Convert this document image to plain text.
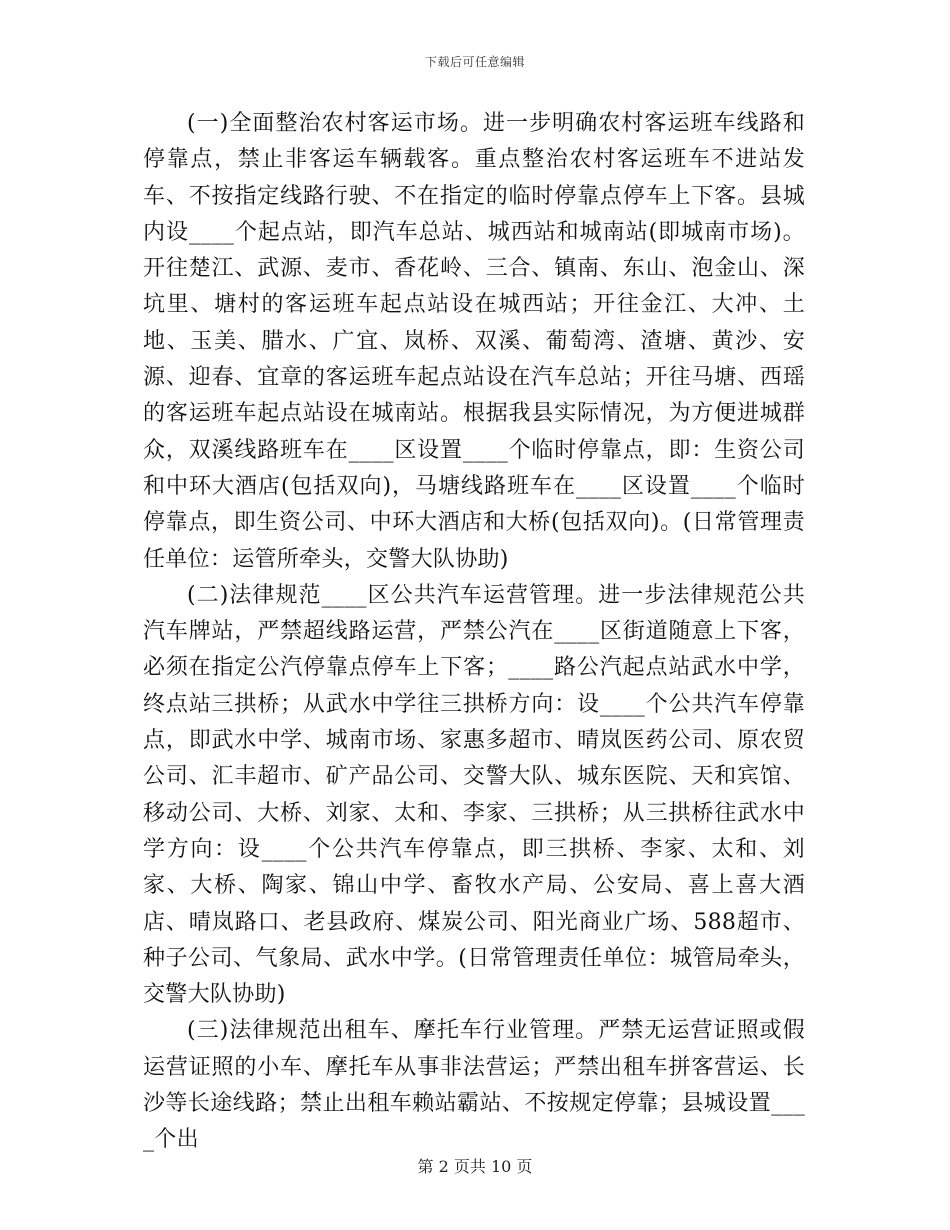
下载后可任意编辑

(一)全面整治农村客运市场。进一步明确农村客运班车线路和停靠点，禁止非客运车辆载客。重点整治农村客运班车不进站发车、不按指定线路行驶、不在指定的临时停靠点停车上下客。县城内设____个起点站，即汽车总站、城西站和城南站(即城南市场)。开往楚江、武源、麦市、香花岭、三合、镇南、东山、泡金山、深坑里、塘村的客运班车起点站设在城西站；开往金江、大冲、土地、玉美、腊水、广宜、岚桥、双溪、葡萄湾、渣塘、黄沙、安源、迎春、宜章的客运班车起点站设在汽车总站；开往马塘、西瑶的客运班车起点站设在城南站。根据我县实际情况，为方便进城群众，双溪线路班车在____区设置____个临时停靠点，即：生资公司和中环大酒店(包括双向)，马塘线路班车在____区设置____个临时停靠点，即生资公司、中环大酒店和大桥(包括双向)。(日常管理责任单位：运管所牵头，交警大队协助)

(二)法律规范____区公共汽车运营管理。进一步法律规范公共汽车牌站，严禁超线路运营，严禁公汽在____区街道随意上下客，必须在指定公汽停靠点停车上下客；____路公汽起点站武水中学，终点站三拱桥；从武水中学往三拱桥方向：设____个公共汽车停靠点，即武水中学、城南市场、家惠多超市、晴岚医药公司、原农贸公司、汇丰超市、矿产品公司、交警大队、城东医院、天和宾馆、移动公司、大桥、刘家、太和、李家、三拱桥；从三拱桥往武水中学方向：设____个公共汽车停靠点，即三拱桥、李家、太和、刘家、大桥、陶家、锦山中学、畜牧水产局、公安局、喜上喜大酒店、晴岚路口、老县政府、煤炭公司、阳光商业广场、588超市、种子公司、气象局、武水中学。(日常管理责任单位：城管局牵头，交警大队协助)

(三)法律规范出租车、摩托车行业管理。严禁无运营证照或假运营证照的小车、摩托车从事非法营运；严禁出租车拼客营运、长沙等长途线路；禁止出租车赖站霸站、不按规定停靠；县城设置____个出

第 2 页共 10 页
